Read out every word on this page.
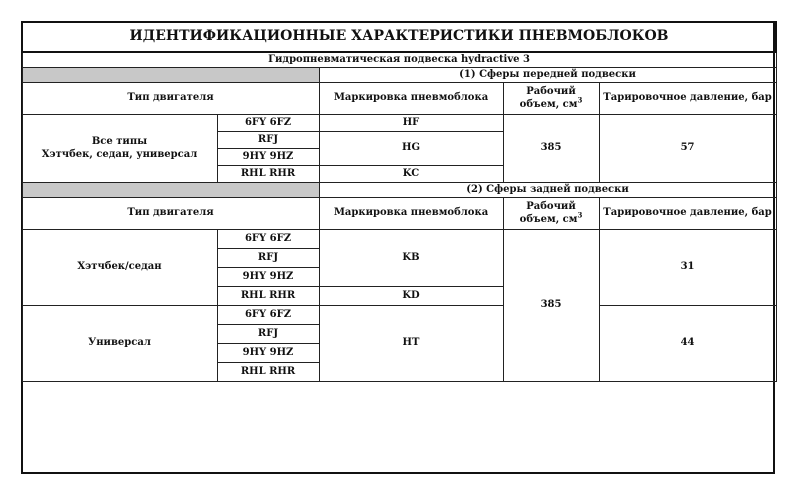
ИДЕНТИФИКАЦИОННЫЕ ХАРАКТЕРИСТИКИ ПНЕВМОБЛОКОВ				
Гидропневматическая подвеска hydractive 3				
		(1) Сферы передней подвески		
Тип двигателя		Маркировка пневмоблока	Рабочий
объем, $см^3$	Тарировочное давление, бар
Все типы
Хэтчбек, седан, универсал	6FY 6FZ	HF	385	57
	RFJ	HG		
	9HY 9HZ			
	RHL RHR	KC		
		(2) Сферы задней подвески		
Тип двигателя		Маркировка пневмоблока	Рабочий
объем, $см^3$	Тарировочное давление, бар
Хэтчбек/седан	6FY 6FZ	KB	385	31
	RFJ			
	9HY 9HZ			
	RHL RHR	KD		
Универсал	6FY 6FZ	HT		44
	RFJ			
	9HY 9HZ			
	RHL RHR			
